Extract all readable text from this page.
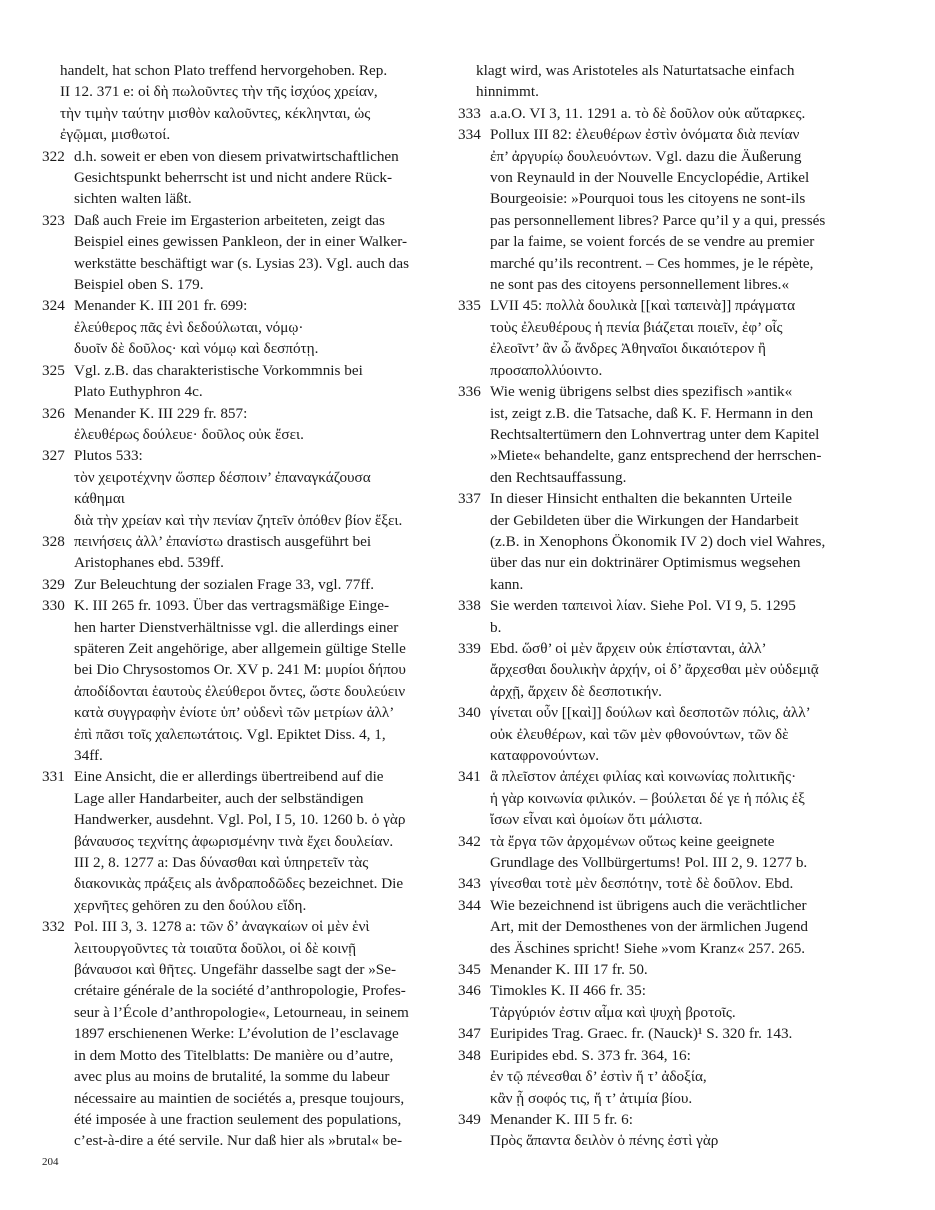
handelt, hat schon Plato treffend hervorgehoben. Rep.
II 12. 371 e: οἱ δὴ πωλοῦντες τὴν τῆς ἰσχύος χρείαν,
τὴν τιμὴν ταύτην μισθὸν καλοῦντες, κέκληνται, ὡς
ἐγῷμαι, μισθωτοί.
322 d.h. soweit er eben von diesem privatwirtschaftlichen
Gesichtspunkt beherrscht ist und nicht andere Rück-
sichten walten läßt.
323 Daß auch Freie im Ergasterion arbeiteten, zeigt das
Beispiel eines gewissen Pankleon, der in einer Walker-
werkstätte beschäftigt war (s. Lysias 23). Vgl. auch das
Beispiel oben S. 179.
324 Menander K. III 201 fr. 699:
ἐλεύθερος πᾶς ἑνὶ δεδούλωται, νόμῳ·
δυοῖν δὲ δοῦλος· καὶ νόμῳ καὶ δεσπότῃ.
325 Vgl. z.B. das charakteristische Vorkommnis bei
Plato Euthyphron 4c.
326 Menander K. III 229 fr. 857:
ἐλευθέρως δούλευε· δοῦλος οὐκ ἔσει.
327 Plutos 533:
τὸν χειροτέχνην ὥσπερ δέσποιν’ ἐπαναγκάζουσα
κάθημαι
διὰ τὴν χρείαν καὶ τὴν πενίαν ζητεῖν ὁπόθεν βίον ἕξει.
328 πεινήσεις ἀλλ’ ἐπανίστω drastisch ausgeführt bei
Aristophanes ebd. 539ff.
329 Zur Beleuchtung der sozialen Frage 33, vgl. 77ff.
330 K. III 265 fr. 1093. Über das vertragsmäßige Einge-
hen harter Dienstverhältnisse vgl. die allerdings einer
späteren Zeit angehörige, aber allgemein gültige Stelle
bei Dio Chrysostomos Or. XV p. 241 M: μυρίοι δήπου
ἀποδίδονται ἑαυτοὺς ἐλεύθεροι ὄντες, ὥστε δουλεύειν
κατὰ συγγραφὴν ἐνίοτε ὑπ’ οὐδενὶ τῶν μετρίων ἀλλ’
ἐπὶ πᾶσι τοῖς χαλεπωτάτοις. Vgl. Epiktet Diss. 4, 1,
34ff.
331 Eine Ansicht, die er allerdings übertreibend auf die
Lage aller Handarbeiter, auch der selbständigen
Handwerker, ausdehnt. Vgl. Pol, I 5, 10. 1260 b. ὁ γὰρ
βάναυσος τεχνίτης ἀφωρισμένην τινὰ ἔχει δουλείαν.
III 2, 8. 1277 a: Das δύνασθαι καὶ ὑπηρετεῖν τὰς
διακονικὰς πράξεις als ἀνδραποδῶδες bezeichnet. Die
χερνῆτες gehören zu den δούλου εἴδη.
332 Pol. III 3, 3. 1278 a: τῶν δ’ ἀναγκαίων οἱ μὲν ἑνὶ
λειτουργοῦντες τὰ τοιαῦτα δοῦλοι, οἱ δὲ κοινῇ
βάναυσοι καὶ θῆτες. Ungefähr dasselbe sagt der »Se-
crétaire générale de la société d’anthropologie, Profes-
seur à l’École d’anthropologie«, Letourneau, in seinem
1897 erschienenen Werke: L’évolution de l’esclavage
in dem Motto des Titelblatts: De manière ou d’autre,
avec plus au moins de brutalité, la somme du labeur
nécessaire au maintien de sociétés a, presque toujours,
été imposée à une fraction seulement des populations,
c’est-à-dire a été servile. Nur daß hier als »brutal« be-
klagt wird, was Aristoteles als Naturtatsache einfach
hinnimmt.
333 a.a.O. VI 3, 11. 1291 a. τὸ δὲ δοῦλον οὐκ αὔταρκες.
334 Pollux III 82: ἐλευθέρων ἐστὶν ὀνόματα διὰ πενίαν
ἐπ’ ἀργυρίῳ δουλευόντων. Vgl. dazu die Äußerung
von Reynauld in der Nouvelle Encyclopédie, Artikel
Bourgeoisie: »Pourquoi tous les citoyens ne sont-ils
pas personnellement libres? Parce qu’il y a qui, pressés
par la faime, se voient forcés de se vendre au premier
marché qu’ils recontrent. – Ces hommes, je le répète,
ne sont pas des citoyens personnellement libres.«
335 LVII 45: πολλὰ δουλικὰ [[καὶ ταπεινὰ]] πράγματα
τοὺς ἐλευθέρους ἡ πενία βιάζεται ποιεῖν, ἐφ’ οἷς
ἐλεοῖντ’ ἂν ὦ ἄνδρες Ἀθηναῖοι δικαιότερον ἢ
προσαπολλύοιντο.
336 Wie wenig übrigens selbst dies spezifisch »antik«
ist, zeigt z.B. die Tatsache, daß K. F. Hermann in den
Rechtsaltertümern den Lohnvertrag unter dem Kapitel
»Miete« behandelte, ganz entsprechend der herrschen-
den Rechtsauffassung.
337 In dieser Hinsicht enthalten die bekannten Urteile
der Gebildeten über die Wirkungen der Handarbeit
(z.B. in Xenophons Ökonomik IV 2) doch viel Wahres,
über das nur ein doktrinärer Optimismus wegsehen
kann.
338 Sie werden ταπεινοὶ λίαν. Siehe Pol. VI 9, 5. 1295
b.
339 Ebd. ὥσθ’ οἱ μὲν ἄρχειν οὐκ ἐπίστανται, ἀλλ’
ἄρχεσθαι δουλικὴν ἀρχήν, οἱ δ’ ἄρχεσθαι μὲν οὐδεμιᾷ
ἀρχῇ, ἄρχειν δὲ δεσποτικήν.
340 γίνεται οὖν [[καὶ]] δούλων καὶ δεσποτῶν πόλις, ἀλλ’
οὐκ ἐλευθέρων, καὶ τῶν μὲν φθονούντων, τῶν δὲ
καταφρονούντων.
341 ἃ πλεῖστον ἀπέχει φιλίας καὶ κοινωνίας πολιτικῆς·
ἡ γὰρ κοινωνία φιλικόν. – βούλεται δέ γε ἡ πόλις ἐξ
ἴσων εἶναι καὶ ὁμοίων ὅτι μάλιστα.
342 τὰ ἔργα τῶν ἀρχομένων οὕτως keine geeignete
Grundlage des Vollbürgertums! Pol. III 2, 9. 1277 b.
343 γίνεσθαι τοτὲ μὲν δεσπότην, τοτὲ δὲ δοῦλον. Ebd.
344 Wie bezeichnend ist übrigens auch die verächtlicher
Art, mit der Demosthenes von der ärmlichen Jugend
des Äschines spricht! Siehe »vom Kranz« 257. 265.
345 Menander K. III 17 fr. 50.
346 Timokles K. II 466 fr. 35:
Τἀργύριόν ἐστιν αἷμα καὶ ψυχὴ βροτοῖς.
347 Euripides Trag. Graec. fr. (Nauck)¹ S. 320 fr. 143.
348 Euripides ebd. S. 373 fr. 364, 16:
ἐν τῷ πένεσθαι δ’ ἐστὶν ἥ τ’ ἀδοξία,
κἂν ᾖ σοφός τις, ἥ τ’ ἀτιμία βίου.
349 Menander K. III 5 fr. 6:
Πρὸς ἅπαντα δειλὸν ὁ πένης ἐστὶ γὰρ
204
